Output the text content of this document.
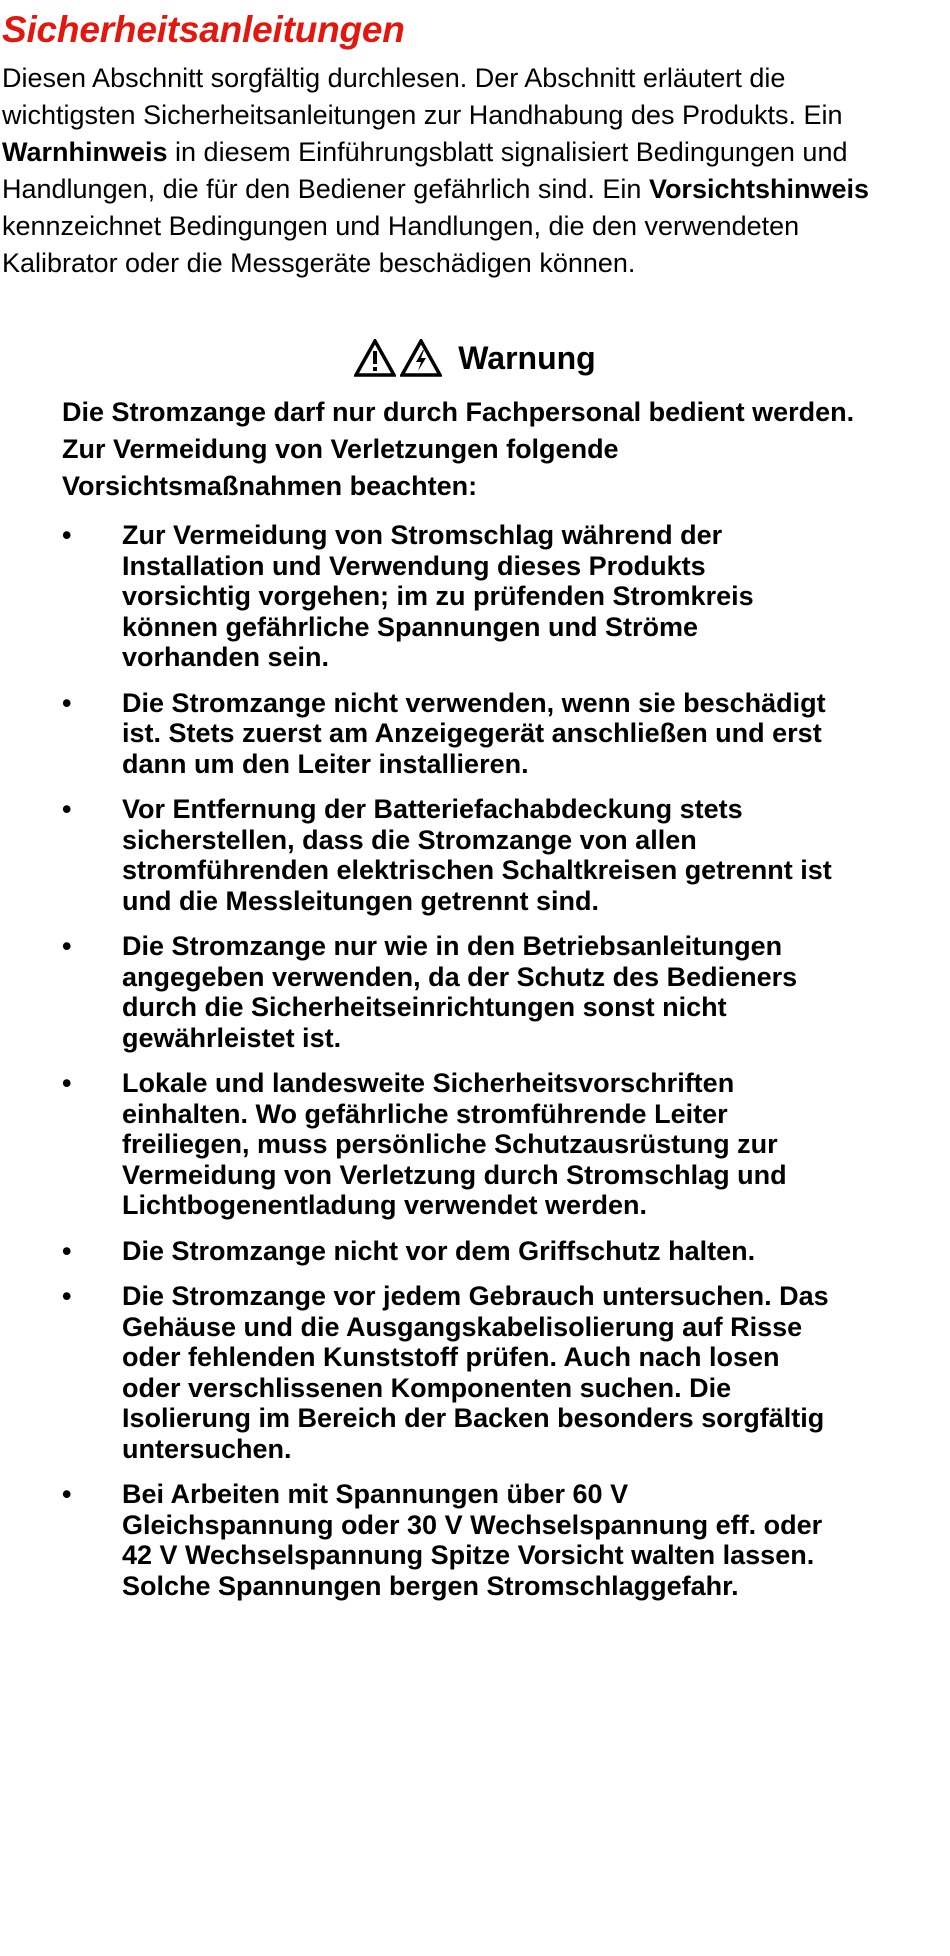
Sicherheitsanleitungen

Diesen Abschnitt sorgfältig durchlesen. Der Abschnitt erläutert die wichtigsten Sicherheitsanleitungen zur Handhabung des Produkts. Ein Warnhinweis in diesem Einführungsblatt signalisiert Bedingungen und Handlungen, die für den Bediener gefährlich sind. Ein Vorsichtshinweis kennzeichnet Bedingungen und Handlungen, die den verwendeten Kalibrator oder die Messgeräte beschädigen können.

Warnung

Die Stromzange darf nur durch Fachpersonal bedient werden. Zur Vermeidung von Verletzungen folgende Vorsichtsmaßnahmen beachten:

• Zur Vermeidung von Stromschlag während der Installation und Verwendung dieses Produkts vorsichtig vorgehen; im zu prüfenden Stromkreis können gefährliche Spannungen und Ströme vorhanden sein.
• Die Stromzange nicht verwenden, wenn sie beschädigt ist. Stets zuerst am Anzeigegerät anschließen und erst dann um den Leiter installieren.
• Vor Entfernung der Batteriefachabdeckung stets sicherstellen, dass die Stromzange von allen stromführenden elektrischen Schaltkreisen getrennt ist und die Messleitungen getrennt sind.
• Die Stromzange nur wie in den Betriebsanleitungen angegeben verwenden, da der Schutz des Bedieners durch die Sicherheitseinrichtungen sonst nicht gewährleistet ist.
• Lokale und landesweite Sicherheitsvorschriften einhalten. Wo gefährliche stromführende Leiter freiliegen, muss persönliche Schutzausrüstung zur Vermeidung von Verletzung durch Stromschlag und Lichtbogenentladung verwendet werden.
• Die Stromzange nicht vor dem Griffschutz halten.
• Die Stromzange vor jedem Gebrauch untersuchen. Das Gehäuse und die Ausgangskabelisolierung auf Risse oder fehlenden Kunststoff prüfen. Auch nach losen oder verschlissenen Komponenten suchen. Die Isolierung im Bereich der Backen besonders sorgfältig untersuchen.
• Bei Arbeiten mit Spannungen über 60 V Gleichspannung oder 30 V Wechselspannung eff. oder 42 V Wechselspannung Spitze Vorsicht walten lassen. Solche Spannungen bergen Stromschlaggefahr.
